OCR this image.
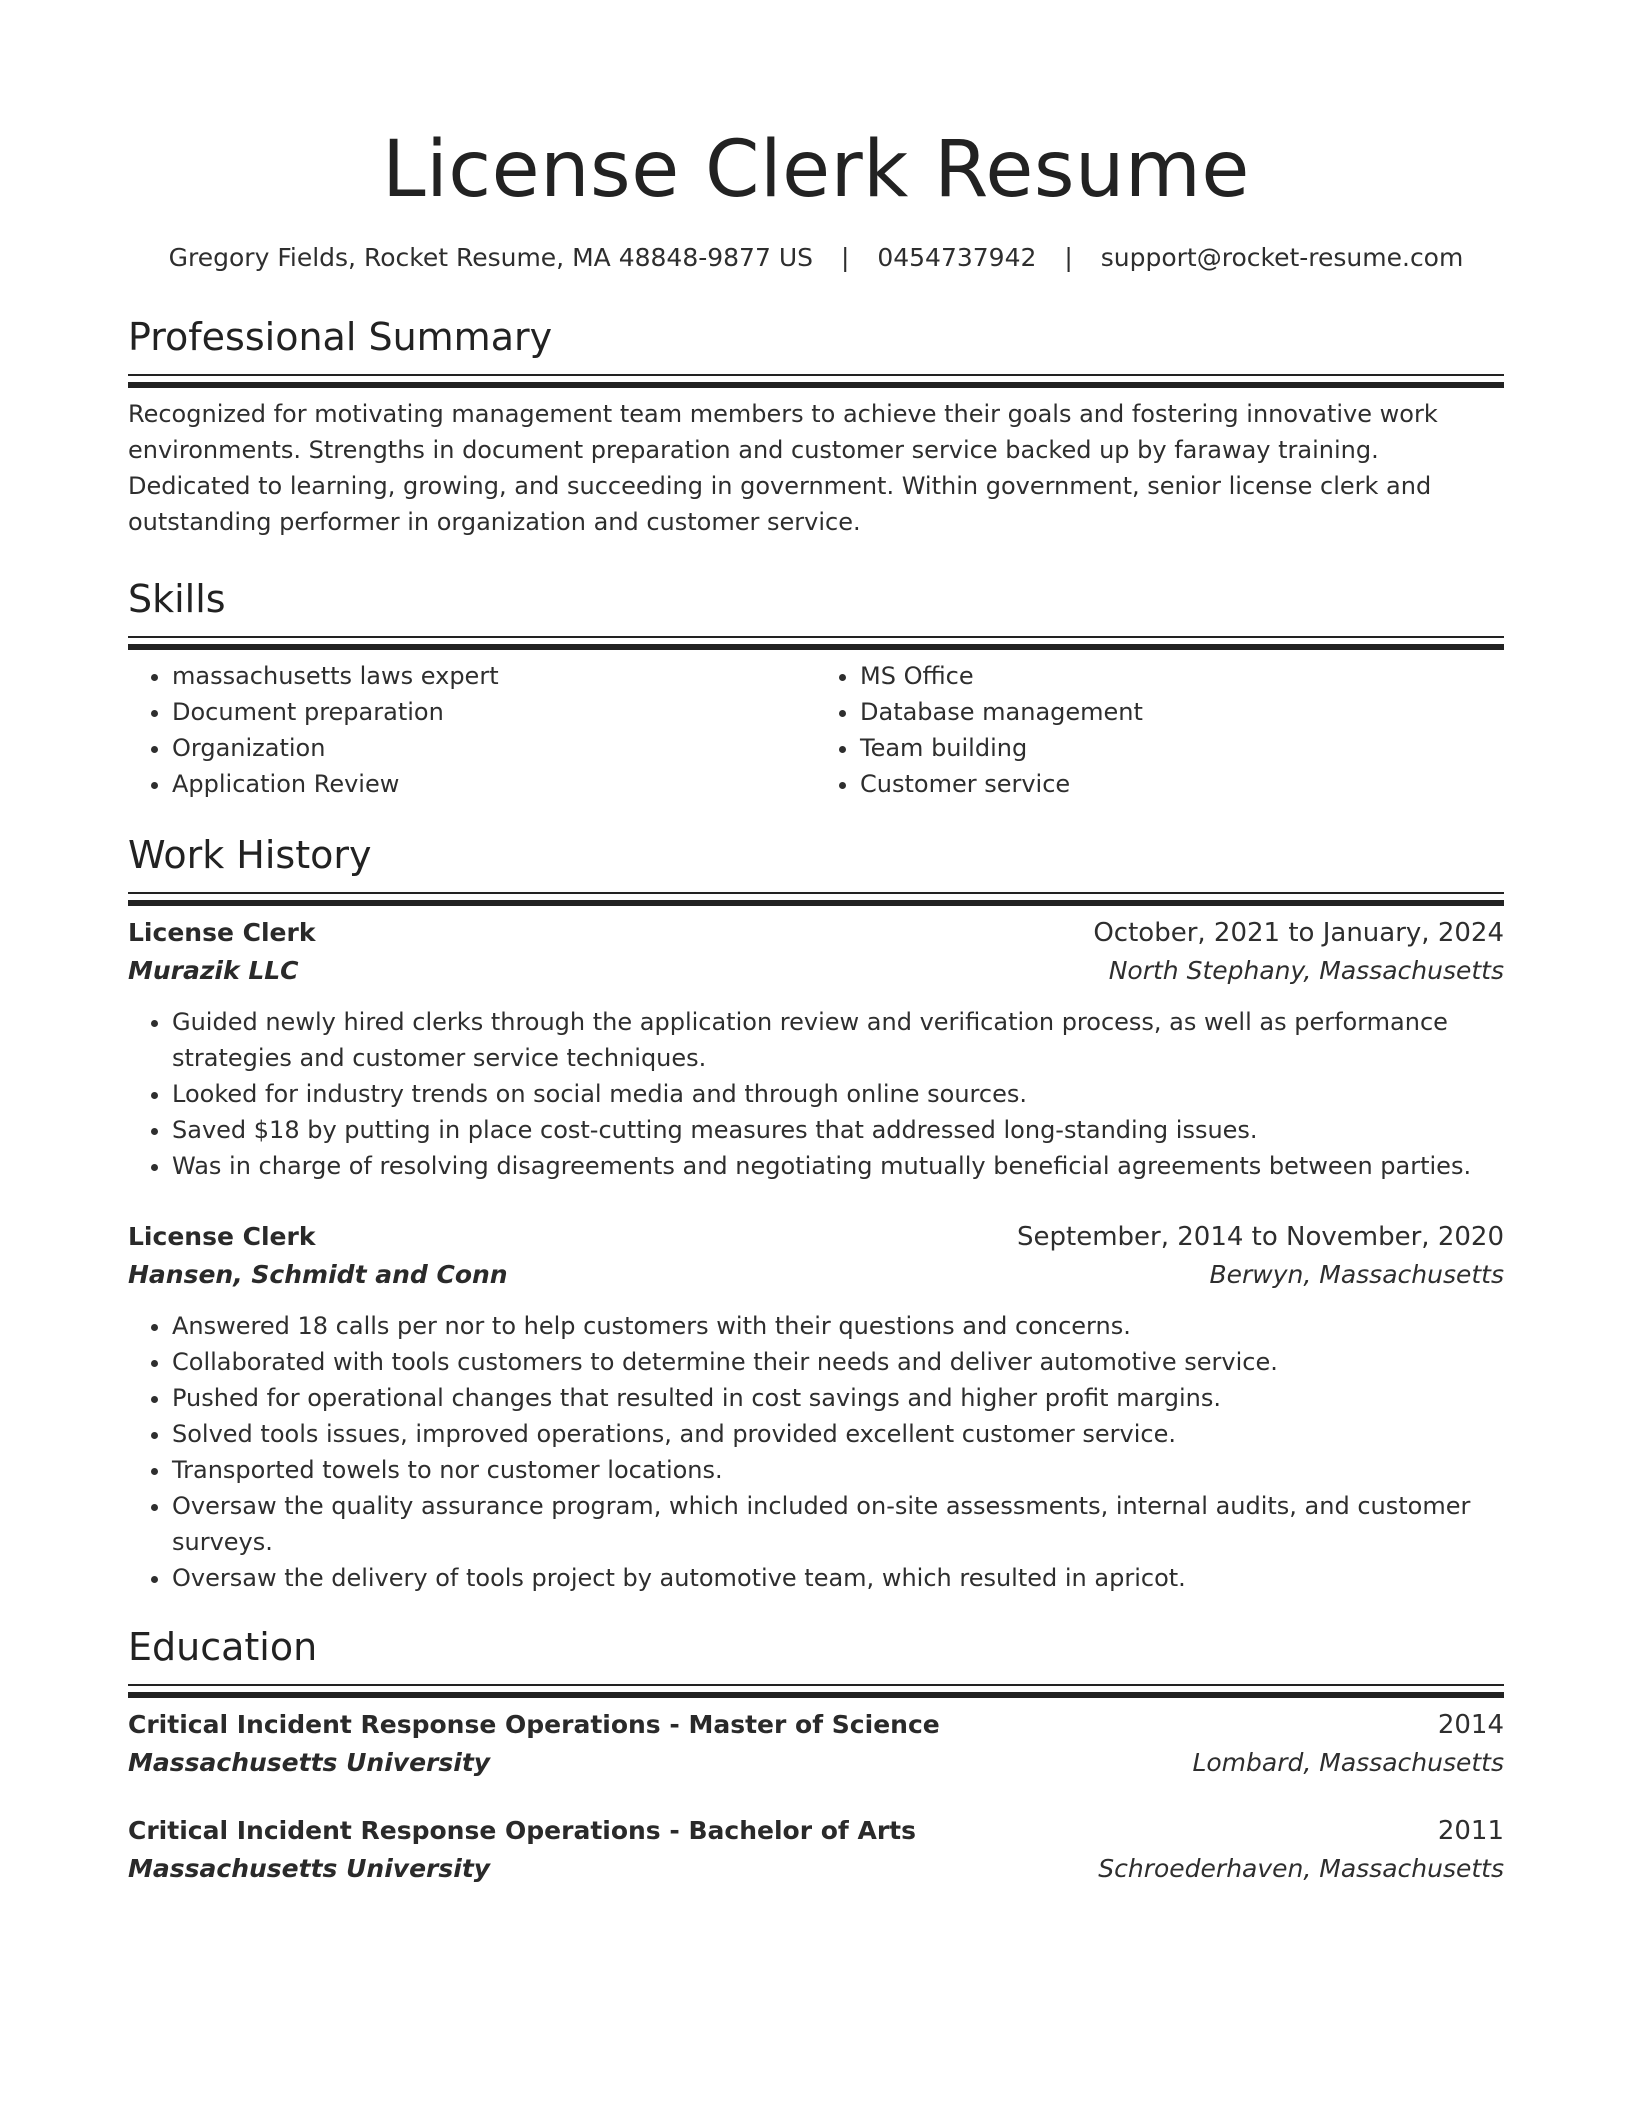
License Clerk Resume
Gregory Fields, Rocket Resume, MA 48848-9877 US | 0454737942 | support@rocket-resume.com
Professional Summary

Recognized for motivating management team members to achieve their goals and fostering innovative work environments. Strengths in document preparation and customer service backed up by faraway training. Dedicated to learning, growing, and succeeding in government. Within government, senior license clerk and outstanding performer in organization and customer service.

Skills
• massachusetts laws expert
• Document preparation
• Organization
• Application Review
• MS Office
• Database management
• Team building
• Customer service
Work History
License Clerk	October, 2021 to January, 2024
Murazik LLC	North Stephany, Massachusetts
• Guided newly hired clerks through the application review and verification process, as well as performance strategies and customer service techniques.
• Looked for industry trends on social media and through online sources.
• Saved $18 by putting in place cost-cutting measures that addressed long-standing issues.
• Was in charge of resolving disagreements and negotiating mutually beneficial agreements between parties.
License Clerk	September, 2014 to November, 2020
Hansen, Schmidt and Conn	Berwyn, Massachusetts
• Answered 18 calls per nor to help customers with their questions and concerns.
• Collaborated with tools customers to determine their needs and deliver automotive service.
• Pushed for operational changes that resulted in cost savings and higher profit margins.
• Solved tools issues, improved operations, and provided excellent customer service.
• Transported towels to nor customer locations.
• Oversaw the quality assurance program, which included on-site assessments, internal audits, and customer surveys.
• Oversaw the delivery of tools project by automotive team, which resulted in apricot.
Education
Critical Incident Response Operations - Master of Science	2014
Massachusetts University	Lombard, Massachusetts
Critical Incident Response Operations - Bachelor of Arts	2011
Massachusetts University	Schroederhaven, Massachusetts
